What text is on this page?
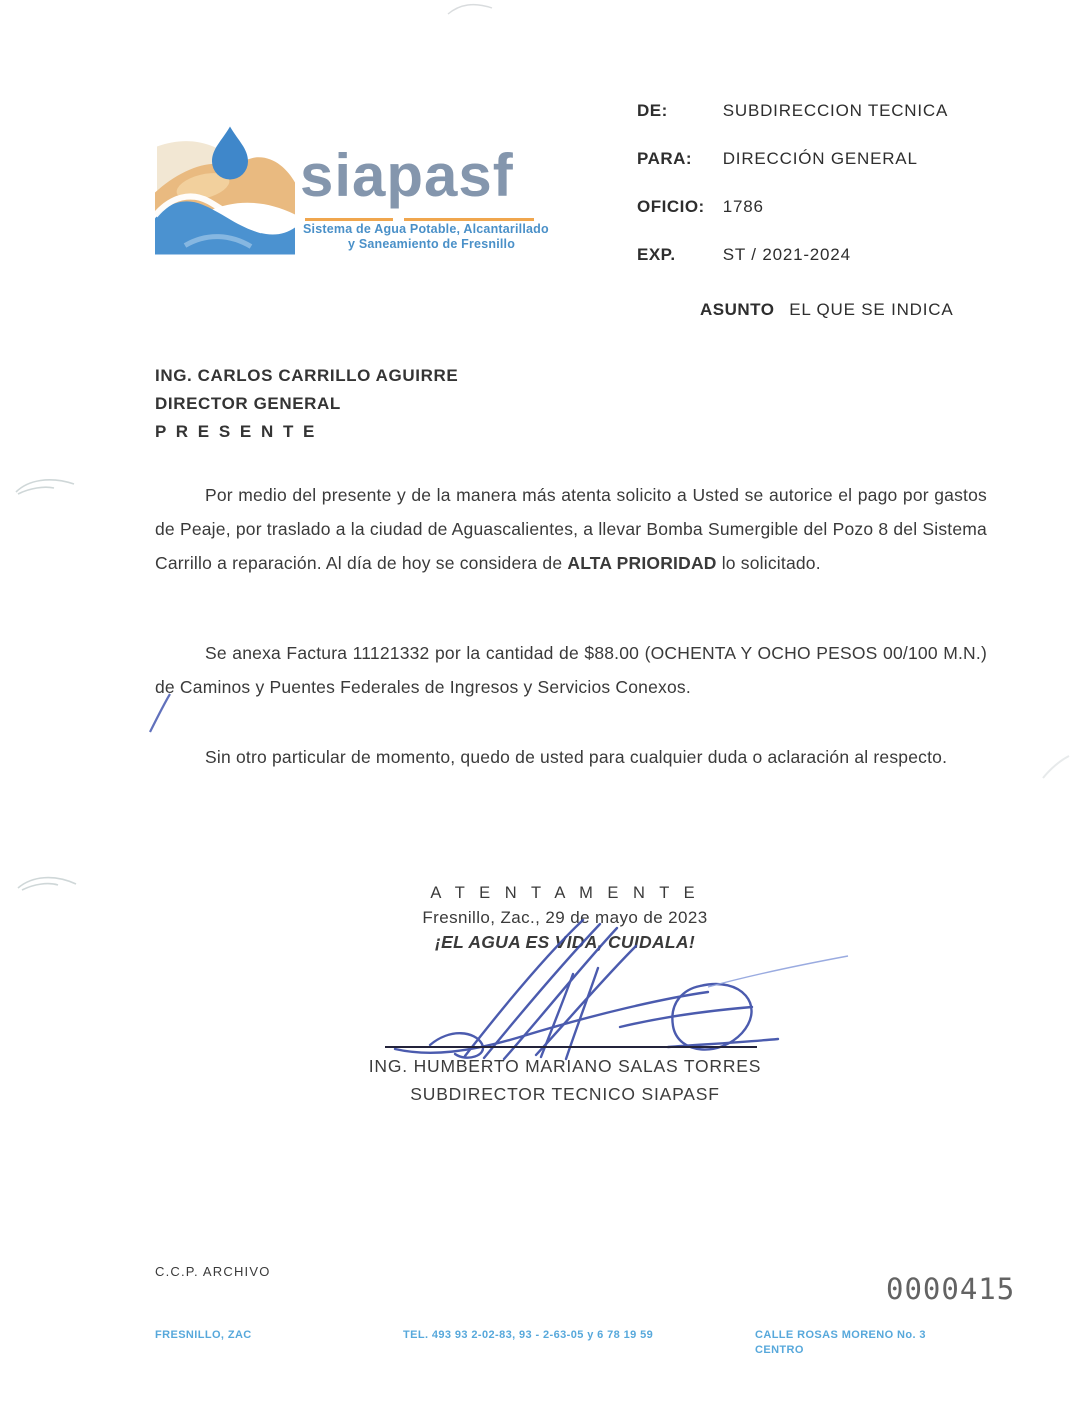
siapasf
Sistema de Agua Potable, Alcantarillado
y Saneamiento de Fresnillo
DE:	SUBDIRECCION TECNICA
PARA: DIRECCIÓN GENERAL
OFICIO: 1786
EXP.	ST / 2021-2024
ASUNTO EL QUE SE INDICA
ING. CARLOS CARRILLO AGUIRRE
DIRECTOR GENERAL
P R E S E N T E

Por medio del presente y de la manera más atenta solicito a Usted se autorice el pago por gastos de Peaje, por traslado a la ciudad de Aguascalientes, a llevar Bomba Sumergible del Pozo 8 del Sistema Carrillo a reparación. Al día de hoy se considera de ALTA PRIORIDAD lo solicitado.

Se anexa Factura 11121332 por la cantidad de $88.00 (OCHENTA Y OCHO PESOS 00/100 M.N.) de Caminos y Puentes Federales de Ingresos y Servicios Conexos.

Sin otro particular de momento, quedo de usted para cualquier duda o aclaración al respecto.

A T E N T A M E N T E
Fresnillo, Zac., 29 de mayo de 2023
¡EL AGUA ES VIDA, CUIDALA!
ING. HUMBERTO MARIANO SALAS TORRES
SUBDIRECTOR TECNICO SIAPASF
C.C.P. ARCHIVO
0000415
FRESNILLO, ZAC	TEL. 493 93 2-02-83, 93 - 2-63-05 y 6 78 19 59	CALLE ROSAS MORENO No. 3
CENTRO
